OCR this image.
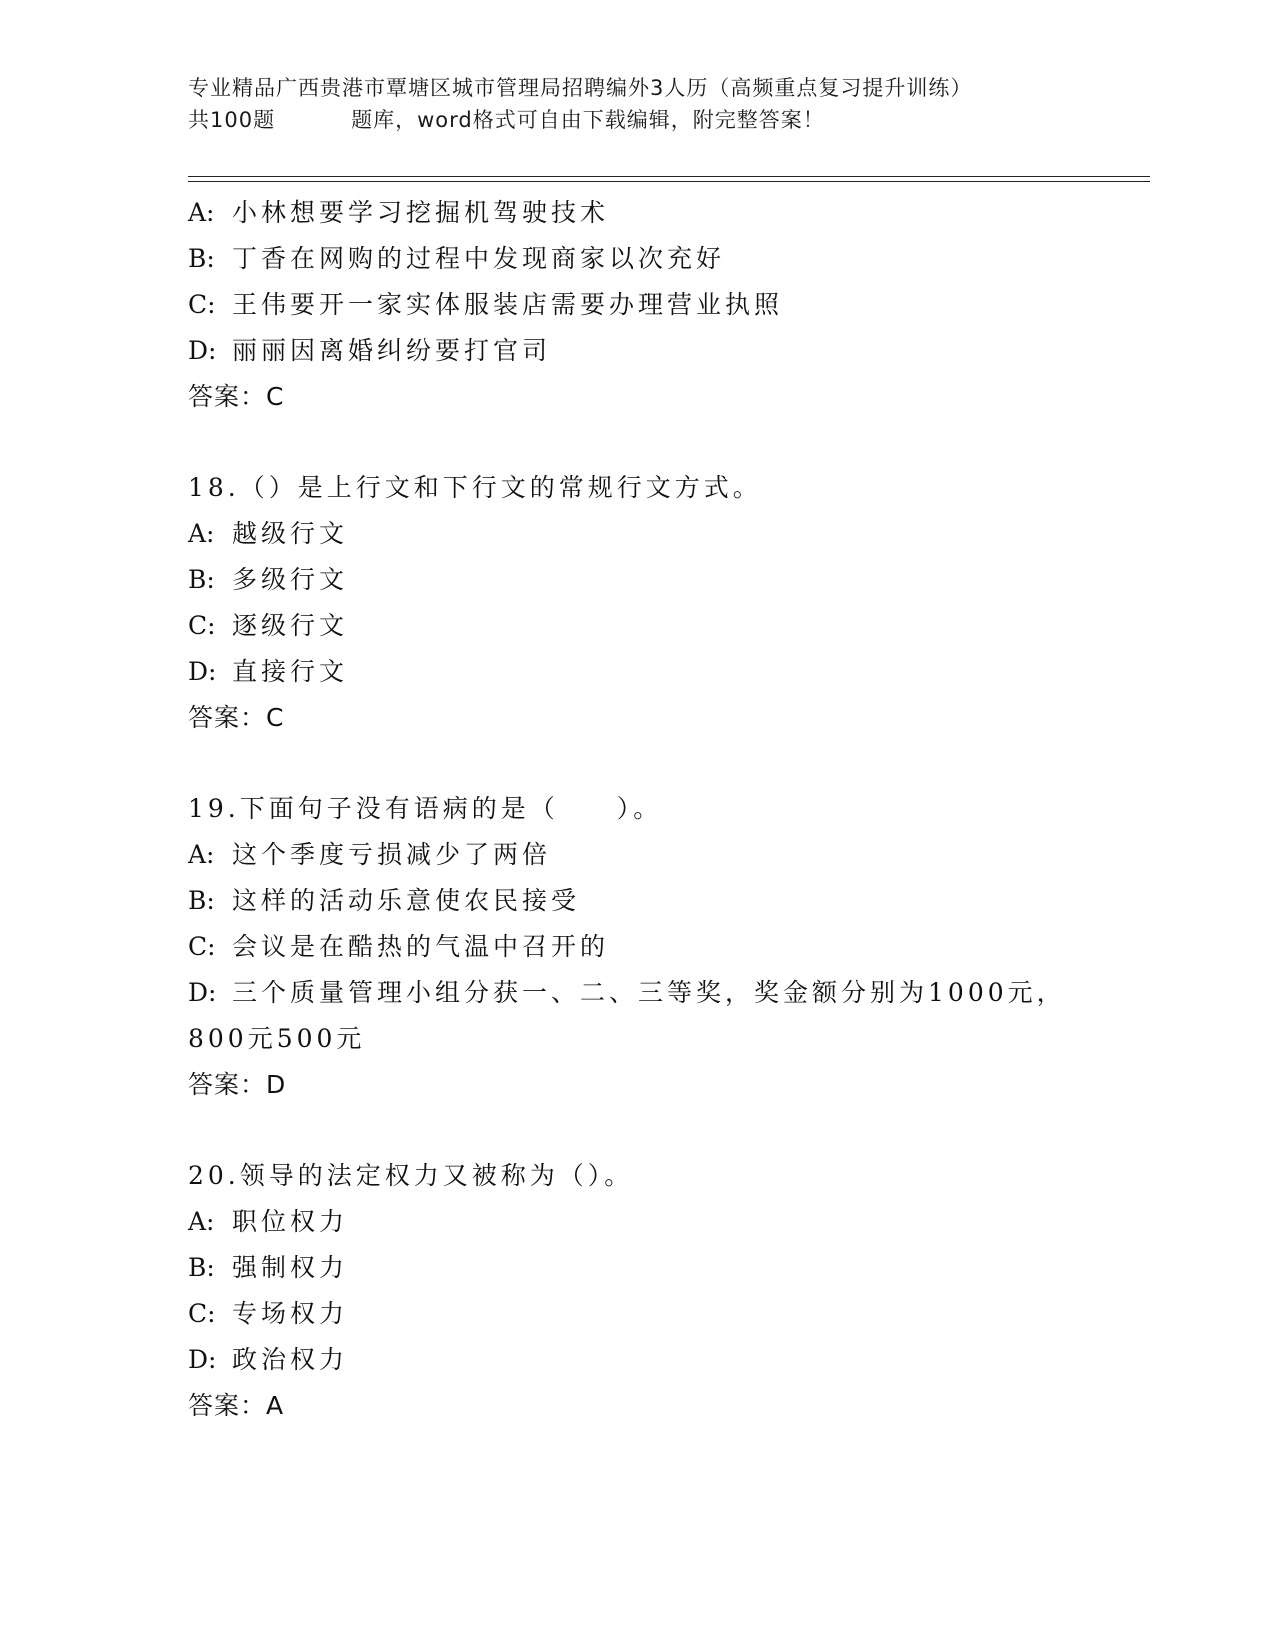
专业精品广西贵港市覃塘区城市管理局招聘编外3人历（高频重点复习提升训练）
共100题	题库，word格式可自由下载编辑，附完整答案！
A: 小林想要学习挖掘机驾驶技术
B: 丁香在网购的过程中发现商家以次充好
C: 王伟要开一家实体服装店需要办理营业执照
D: 丽丽因离婚纠纷要打官司
答案：C
18.（）是上行文和下行文的常规行文方式。
A: 越级行文
B: 多级行文
C: 逐级行文
D: 直接行文
答案：C
19.下面句子没有语病的是（　　）。
A: 这个季度亏损减少了两倍
B: 这样的活动乐意使农民接受
C: 会议是在酷热的气温中召开的
D: 三个质量管理小组分获一、二、三等奖，奖金额分别为1000元，
800元500元
答案：D
20.领导的法定权力又被称为（）。
A: 职位权力
B: 强制权力
C: 专场权力
D: 政治权力
答案：A
